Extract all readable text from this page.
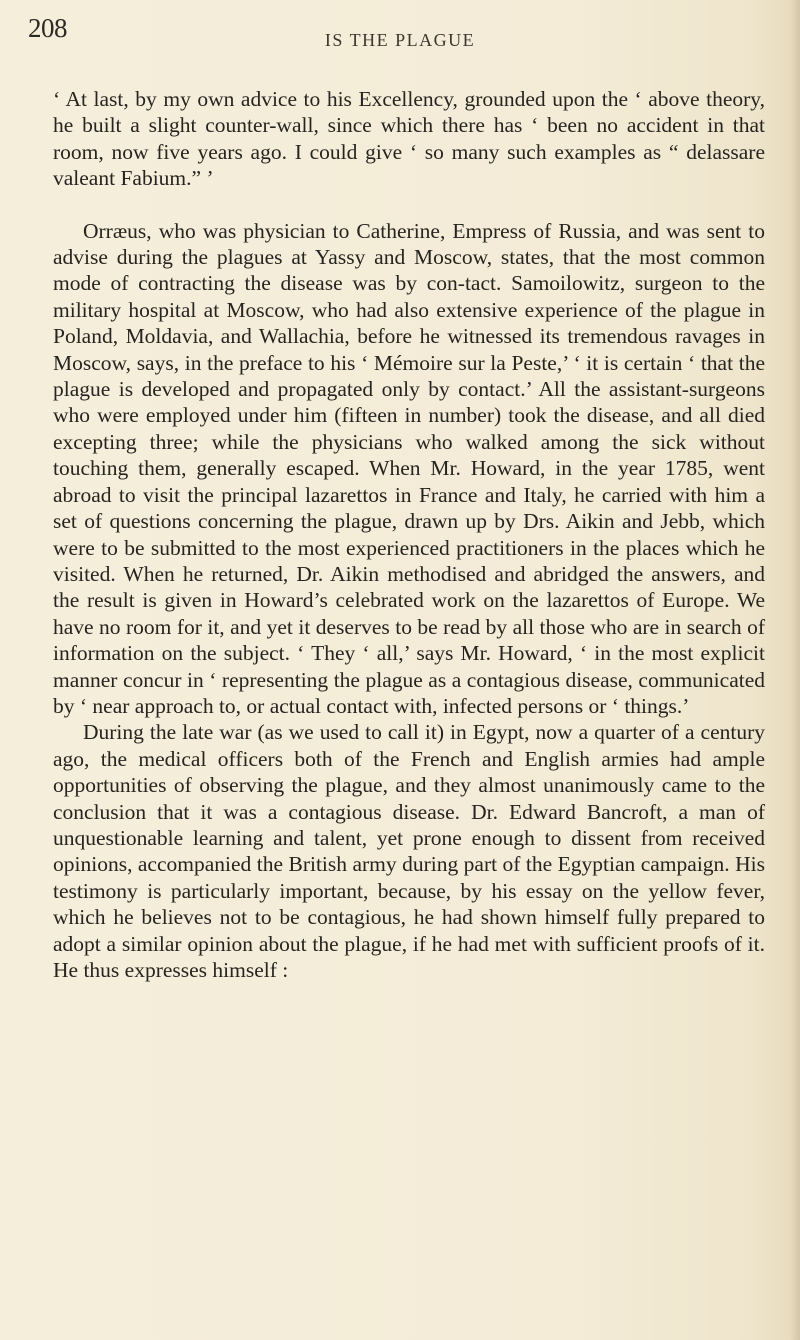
208	IS THE PLAGUE

‘ At last, by my own advice to his Excellency, grounded upon the ‘ above theory, he built a slight counter-wall, since which there has ‘ been no accident in that room, now five years ago. I could give ‘ so many such examples as “ delassare valeant Fabium.” ’

Orræus, who was physician to Catherine, Empress of Russia, and was sent to advise during the plagues at Yassy and Moscow, states, that the most common mode of contracting the disease was by con-tact. Samoilowitz, surgeon to the military hospital at Moscow, who had also extensive experience of the plague in Poland, Moldavia, and Wallachia, before he witnessed its tremendous ravages in Moscow, says, in the preface to his ‘ Mémoire sur la Peste,’ ‘ it is certain ‘ that the plague is developed and propagated only by contact.’ All the assistant-surgeons who were employed under him (fifteen in number) took the disease, and all died excepting three; while the physicians who walked among the sick without touching them, generally escaped. When Mr. Howard, in the year 1785, went abroad to visit the principal lazarettos in France and Italy, he carried with him a set of questions concerning the plague, drawn up by Drs. Aikin and Jebb, which were to be submitted to the most experienced practitioners in the places which he visited. When he returned, Dr. Aikin methodised and abridged the answers, and the result is given in Howard’s celebrated work on the lazarettos of Europe. We have no room for it, and yet it deserves to be read by all those who are in search of information on the subject. ‘ They ‘ all,’ says Mr. Howard, ‘ in the most explicit manner concur in ‘ representing the plague as a contagious disease, communicated by ‘ near approach to, or actual contact with, infected persons or ‘ things.’

During the late war (as we used to call it) in Egypt, now a quarter of a century ago, the medical officers both of the French and English armies had ample opportunities of observing the plague, and they almost unanimously came to the conclusion that it was a contagious disease. Dr. Edward Bancroft, a man of unquestionable learning and talent, yet prone enough to dissent from received opinions, accompanied the British army during part of the Egyptian campaign. His testimony is particularly important, because, by his essay on the yellow fever, which he believes not to be contagious, he had shown himself fully prepared to adopt a similar opinion about the plague, if he had met with sufficient proofs of it. He thus expresses himself :
